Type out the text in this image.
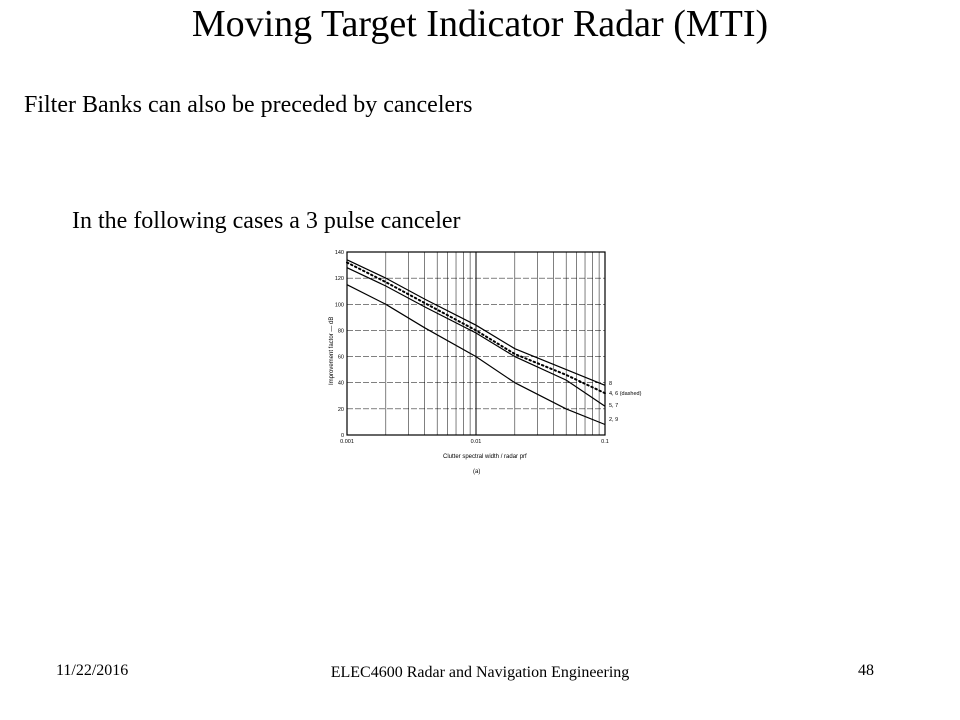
Moving Target Indicator Radar (MTI)
Filter Banks can also be preceded by cancelers
In the following cases a 3 pulse canceler
0
20
40
60
80
100
120
140
0.001	0.01	0.1
8
4, 6 (dashed)
5, 7
2, 9
Clutter spectral width / radar prf
(a)
Improvement factor — dB
11/22/2016	ELEC4600 Radar and Navigation Engineering	48
